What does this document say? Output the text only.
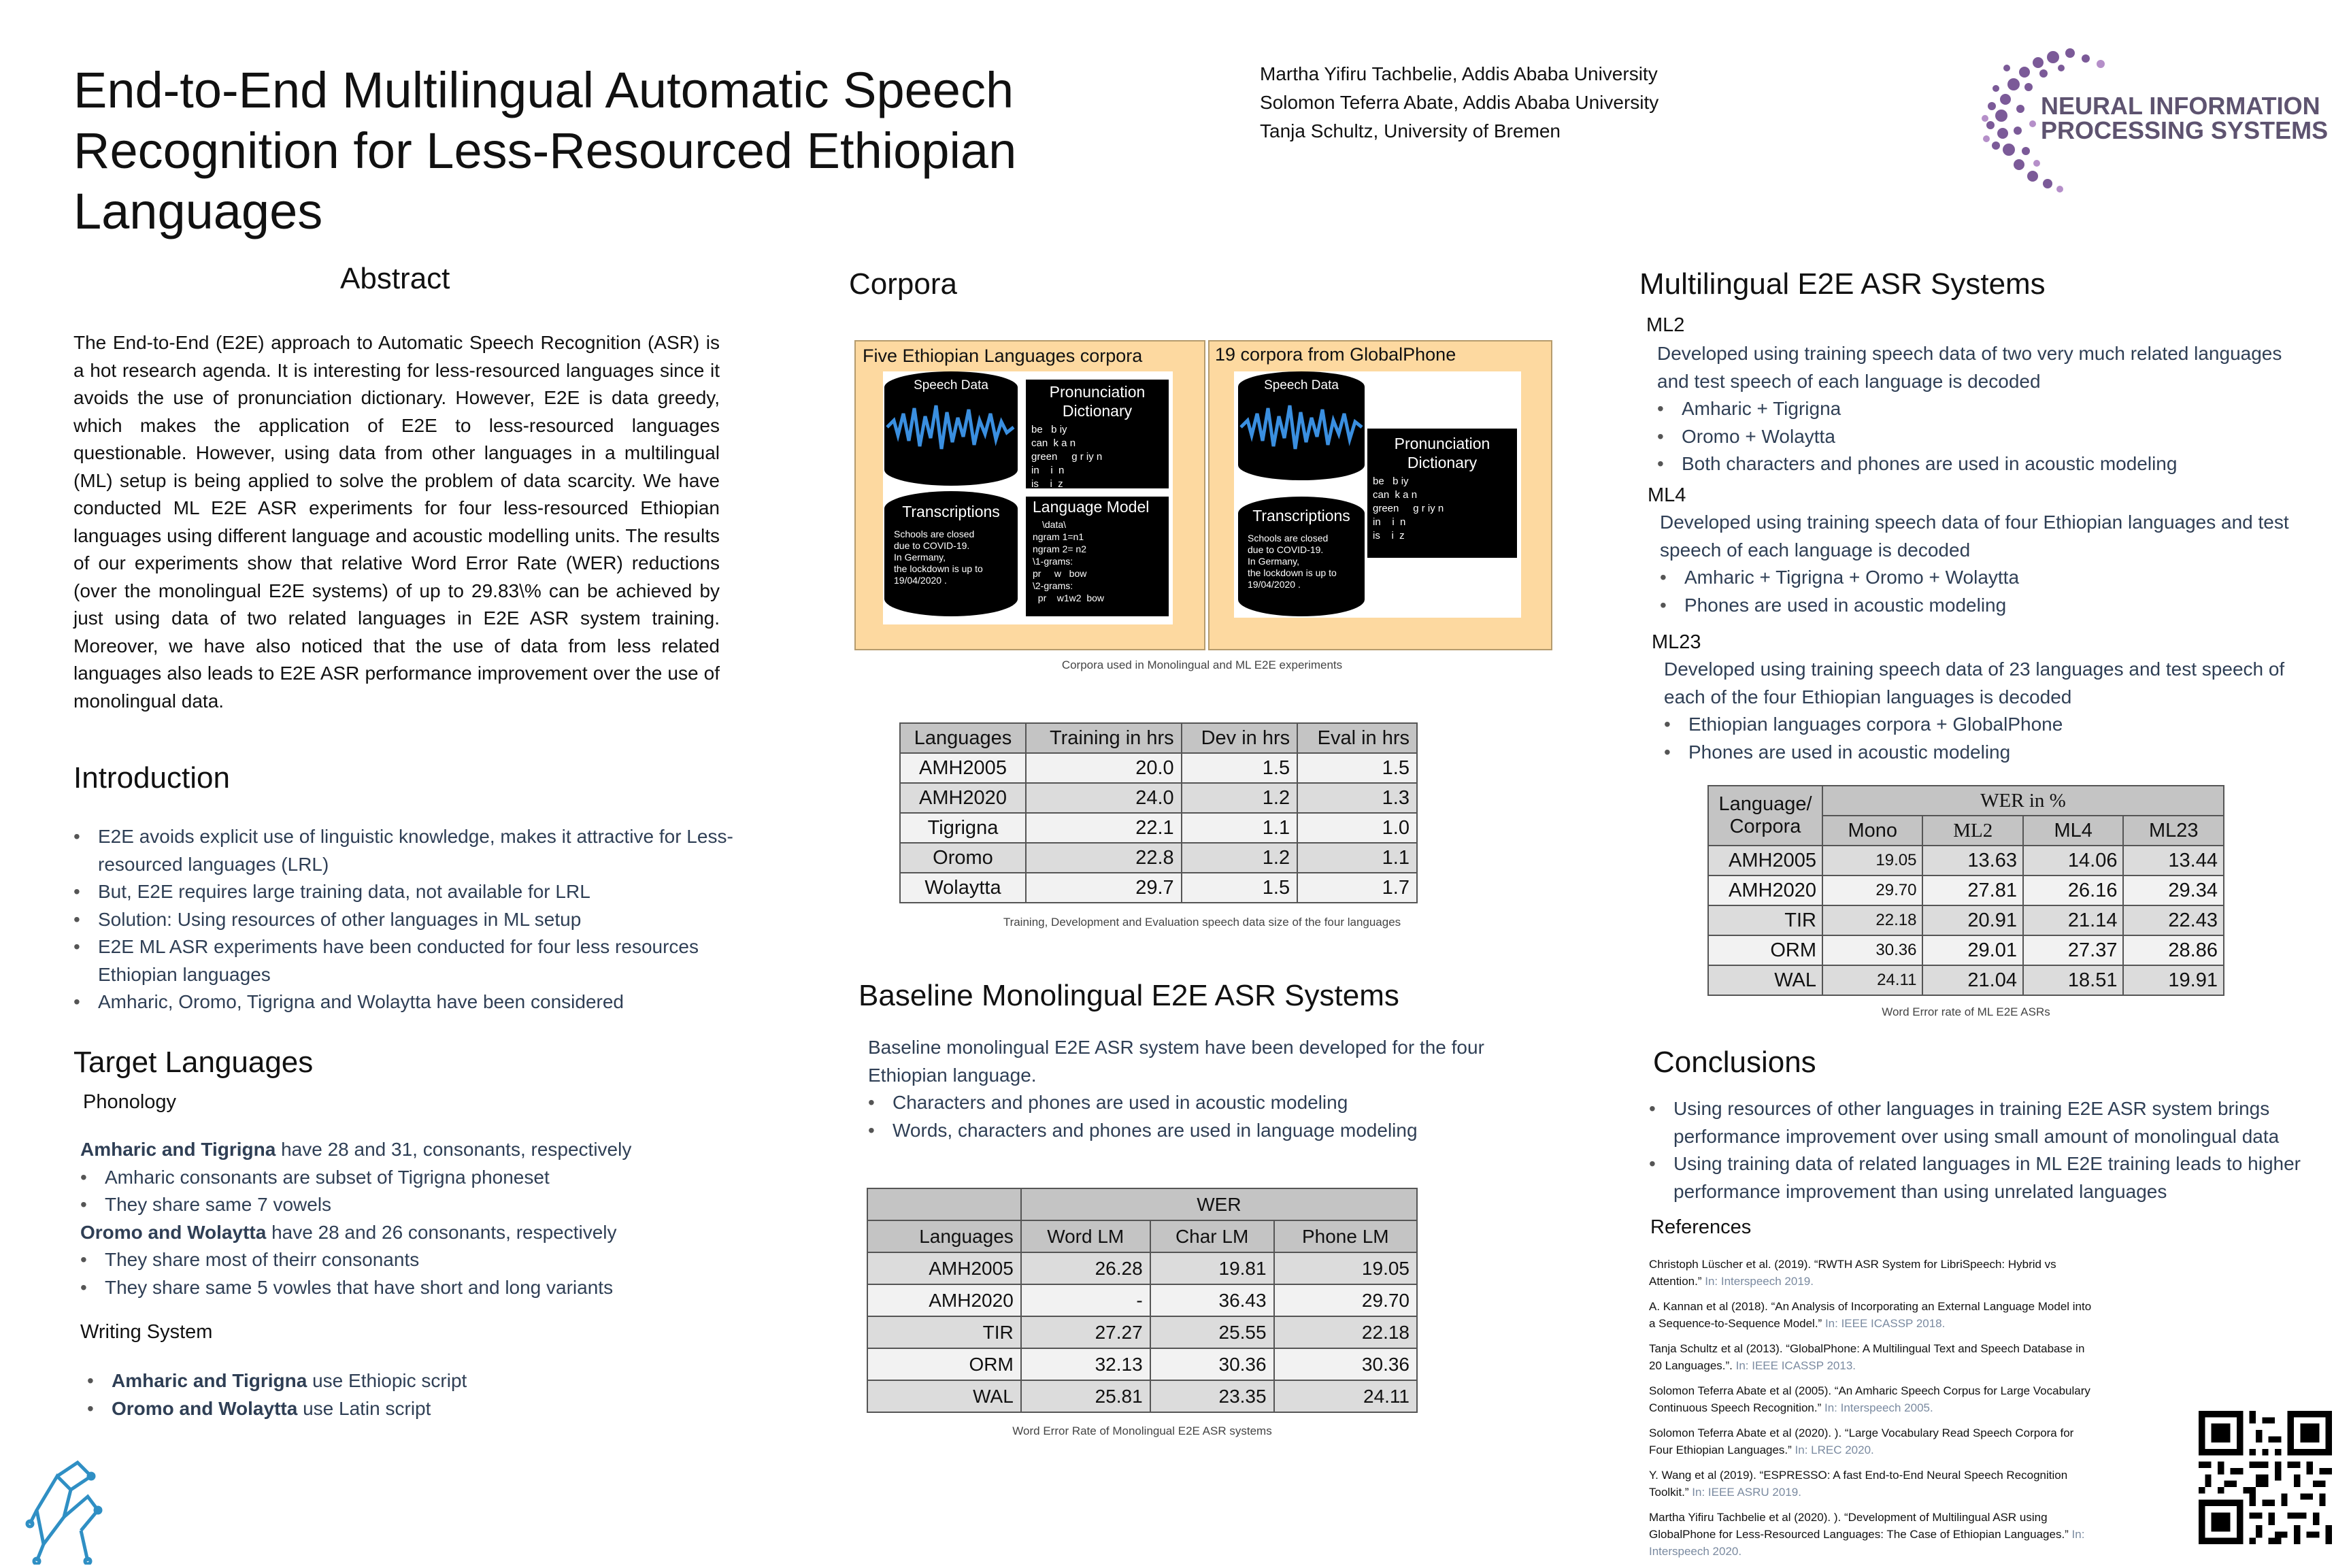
End-to-End Multilingual Automatic Speech Recognition for Less-Resourced Ethiopian Languages
Martha Yifiru Tachbelie, Addis Ababa University
Solomon Teferra Abate, Addis Ababa University
Tanja Schultz, University of Bremen
NEURAL INFORMATION
PROCESSING SYSTEMS
Abstract
The End-to-End (E2E) approach to Automatic Speech Recognition (ASR) is a hot research agenda. It is interesting for less-resourced languages since it avoids the use of pronunciation dictionary. However, E2E is data greedy, which makes the application of E2E to less-resourced languages questionable. However, using data from other languages in a multilingual (ML) setup is being applied to solve the problem of data scarcity. We have conducted ML E2E ASR experiments for four less-resourced Ethiopian languages using different language and acoustic modelling units. The results of our experiments show that relative Word Error Rate (WER) reductions (over the monolingual E2E systems) of up to 29.83\% can be achieved by just using data of two related languages in E2E ASR system training. Moreover, we have also noticed that the use of data from less related languages also leads to E2E ASR performance improvement over the use of monolingual data.
Introduction
• E2E avoids explicit use of linguistic knowledge, makes it attractive for Less-resourced languages (LRL)
• But, E2E requires large training data, not available for LRL
• Solution: Using resources of other languages in ML setup
• E2E ML ASR experiments have been conducted for four less resources Ethiopian languages
• Amharic, Oromo, Tigrigna and Wolaytta have been considered
Target Languages
Phonology
Amharic and Tigrigna have 28 and 31, consonants, respectively
• Amharic consonants are subset of Tigrigna phoneset
• They share same 7 vowels
Oromo and Wolaytta have 28 and 26 consonants, respectively
• They share most of theirr consonants
• They share same 5 vowles that have short and long variants
Writing System
• Amharic and Tigrigna use Ethiopic script
• Oromo and Wolaytta use Latin script
Corpora
Five Ethiopian Languages corpora
Speech Data	Pronunciation Dictionary
be   b iy
can  k a n
green     g r iy n
in    i  n
is    i  z
Transcriptions
Schools are closed
due to COVID-19.
In Germany,
the lockdown is up to
19/04/2020 .
Language Model
\data\
ngram 1=n1
ngram 2= n2
\1-grams:
pr     w   bow
\2-grams:
pr    w1w2  bow
19 corpora from GlobalPhone
Speech Data
Pronunciation Dictionary
be   b iy
can  k a n
green     g r iy n
in    i  n
is    i  z
Transcriptions
Schools are closed
due to COVID-19.
In Germany,
the lockdown is up to
19/04/2020 .
Corpora used in Monolingual and ML E2E experiments
Languages	Training in hrs	Dev in hrs	Eval in hrs
AMH2005	20.0	1.5	1.5
AMH2020	24.0	1.2	1.3
Tigrigna	22.1	1.1	1.0
Oromo	22.8	1.2	1.1
Wolaytta	29.7	1.5	1.7
Training, Development and Evaluation speech data size of the four languages
Baseline Monolingual E2E ASR Systems
Baseline monolingual E2E ASR system have been developed for the four Ethiopian language.
• Characters and phones are used in acoustic modeling
• Words, characters and phones are used in language modeling
	WER		
Languages	Word LM	Char LM	Phone LM
AMH2005	26.28	19.81	19.05
AMH2020	-	36.43	29.70
TIR	27.27	25.55	22.18
ORM	32.13	30.36	30.36
WAL	25.81	23.35	24.11
Word Error Rate of Monolingual E2E ASR systems
Multilingual E2E ASR Systems
ML2
Developed using training speech data of two very much related languages and test speech of each language is decoded
• Amharic + Tigrigna
• Oromo + Wolaytta
• Both characters and phones are used in acoustic modeling
ML4
Developed using training speech data of four Ethiopian languages and test speech of each language is decoded
• Amharic + Tigrigna + Oromo + Wolaytta
• Phones are used in acoustic modeling
ML23
Developed using training speech data of 23 languages and test speech of each of the four Ethiopian languages is decoded
• Ethiopian languages corpora + GlobalPhone
• Phones are used in acoustic modeling
Language/ Corpora	WER in %			
	Mono	ML2	ML4	ML23
AMH2005	19.05	13.63	14.06	13.44
AMH2020	29.70	27.81	26.16	29.34
TIR	22.18	20.91	21.14	22.43
ORM	30.36	29.01	27.37	28.86
WAL	24.11	21.04	18.51	19.91
Word Error rate of ML E2E ASRs
Conclusions
• Using resources of other languages in training E2E ASR system brings performance improvement over using small amount of monolingual data
• Using training data of related languages in ML E2E training leads to higher performance improvement than using unrelated languages
References
Christoph Lüscher et al. (2019). “RWTH ASR System for LibriSpeech: Hybrid vs Attention.” In: Interspeech 2019.
A. Kannan et al (2018). “An Analysis of Incorporating an External Language Model into a Sequence-to-Sequence Model.” In: IEEE ICASSP 2018.
Tanja Schultz et al (2013). “GlobalPhone: A Multilingual Text and Speech Database in 20 Languages.”. In: IEEE ICASSP 2013.
Solomon Teferra Abate et al (2005). “An Amharic Speech Corpus for Large Vocabulary Continuous Speech Recognition.” In: Interspeech 2005.
Solomon Teferra Abate et al (2020). ). “Large Vocabulary Read Speech Corpora for Four Ethiopian Languages.” In: LREC 2020.
Y. Wang et al (2019). “ESPRESSO: A fast End-to-End Neural Speech Recognition Toolkit.” In: IEEE ASRU 2019.
Martha Yifiru Tachbelie et al (2020). ). “Development of Multilingual ASR using GlobalPhone for Less-Resourced Languages: The Case of Ethiopian Languages.” In: Interspeech 2020.
